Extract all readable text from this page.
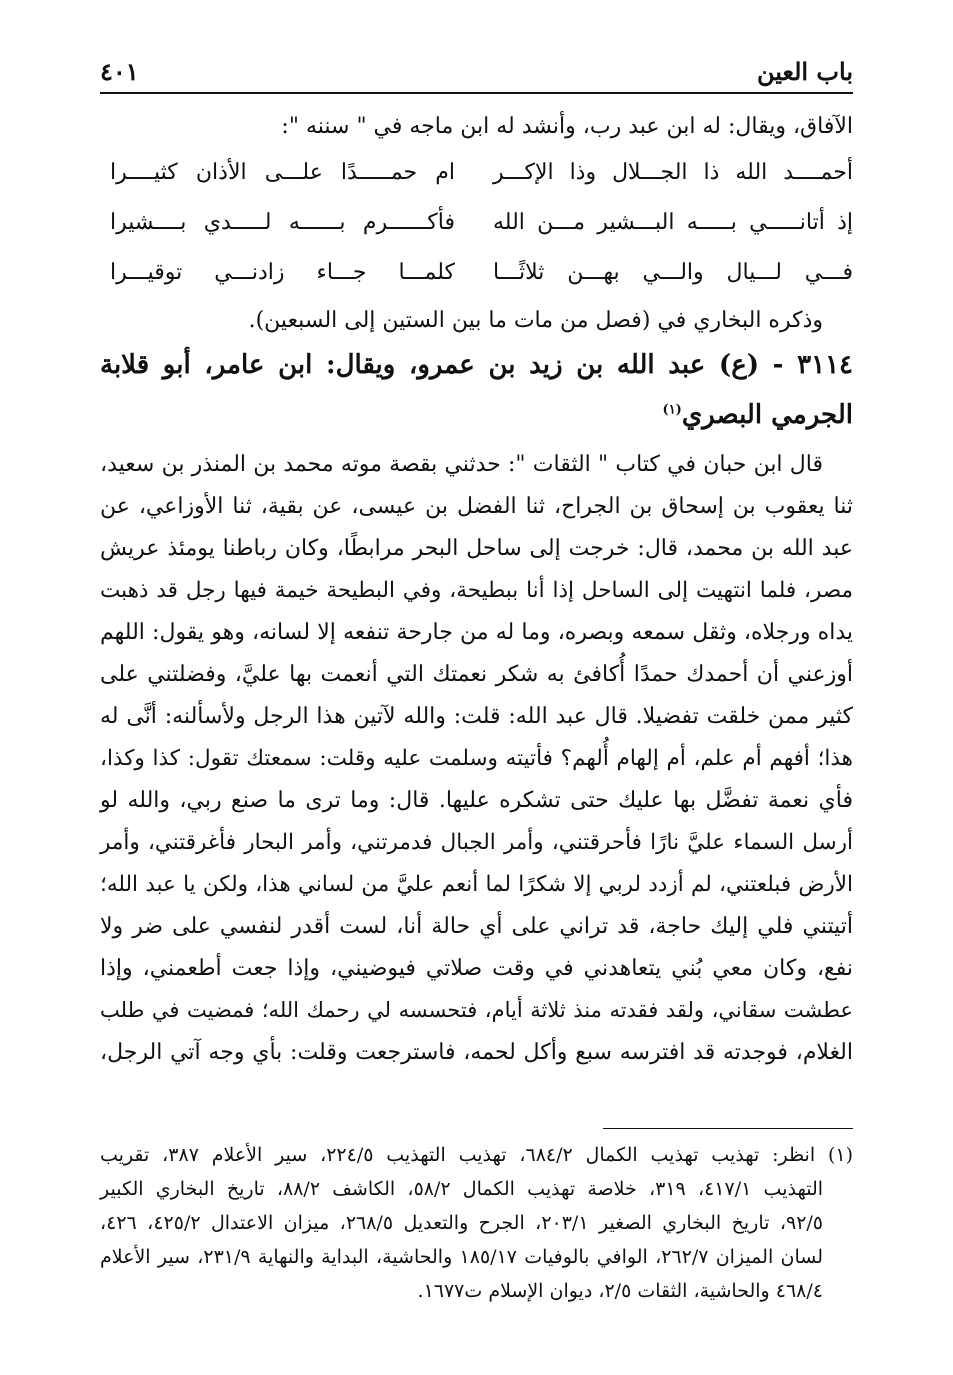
باب العين
٤٠١
الآفاق، ويقال: له ابن عبد رب، وأنشد له ابن ماجه في " سننه ":
أحمــــد الله ذا الجـــلال وذا الإكـــر
ام حمـــــدًا علـــى الأذان كثيــــرا
إذ أتانـــــي بـــــه البـــشير مـــن الله
فأكــــــرم بــــــه لـــــدي بــــشيرا
فـــي لـــيال والـــي بهـــن ثلاثًـــا
كلمـــا جـــاء زادنـــي توقيـــرا
وذكره البخاري في (فصل من مات ما بين الستين إلى السبعين).
٣١١٤ - (ع) عبد الله بن زيد بن عمرو، ويقال: ابن عامر، أبو قلابة
الجرمي البصري$^{(١)}$
قال ابن حبان في كتاب " الثقات ": حدثني بقصة موته محمد بن المنذر بن سعيد،
ثنا يعقوب بن إسحاق بن الجراح، ثنا الفضل بن عيسى، عن بقية، ثنا الأوزاعي، عن
عبد الله بن محمد، قال: خرجت إلى ساحل البحر مرابطًا، وكان رباطنا يومئذ عريش
مصر، فلما انتهيت إلى الساحل إذا أنا ببطيحة، وفي البطيحة خيمة فيها رجل قد ذهبت
يداه ورجلاه، وثقل سمعه وبصره، وما له من جارحة تنفعه إلا لسانه، وهو يقول: اللهم
أوزعني أن أحمدك حمدًا أُكافئ به شكر نعمتك التي أنعمت بها عليَّ، وفضلتني على
كثير ممن خلقت تفضيلا. قال عبد الله: قلت: والله لآتين هذا الرجل ولأسألنه: أنَّى له
هذا؛ أفهم أم علم، أم إلهام أُلهم؟ فأتيته وسلمت عليه وقلت: سمعتك تقول: كذا وكذا،
فأي نعمة تفضَّل بها عليك حتى تشكره عليها. قال: وما ترى ما صنع ربي، والله لو
أرسل السماء عليَّ نارًا فأحرقتني، وأمر الجبال فدمرتني، وأمر البحار فأغرقتني، وأمر
الأرض فبلعتني، لم أزدد لربي إلا شكرًا لما أنعم عليَّ من لساني هذا، ولكن يا عبد الله؛
أتيتني فلي إليك حاجة، قد تراني على أي حالة أنا، لست أقدر لنفسي على ضر ولا
نفع، وكان معي بُني يتعاهدني في وقت صلاتي فيوضيني، وإذا جعت أطعمني، وإذا
عطشت سقاني، ولقد فقدته منذ ثلاثة أيام، فتحسسه لي رحمك الله؛ فمضيت في طلب
الغلام، فوجدته قد افترسه سبع وأكل لحمه، فاسترجعت وقلت: بأي وجه آتي الرجل،
(١) انظر: تهذيب تهذيب الكمال ٦٨٤/٢، تهذيب التهذيب ٢٢٤/٥، سير الأعلام ٣٨٧، تقريب
التهذيب ٤١٧/١، ٣١٩، خلاصة تهذيب الكمال ٥٨/٢، الكاشف ٨٨/٢، تاريخ البخاري الكبير
٩٢/٥، تاريخ البخاري الصغير ٢٠٣/١، الجرح والتعديل ٢٦٨/٥، ميزان الاعتدال ٤٢٥/٢، ٤٢٦،
لسان الميزان ٢٦٢/٧، الوافي بالوفيات ١٨٥/١٧ والحاشية، البداية والنهاية ٢٣١/٩، سير الأعلام
٤٦٨/٤ والحاشية، الثقات ٢/٥، ديوان الإسلام ت١٦٧٧.
